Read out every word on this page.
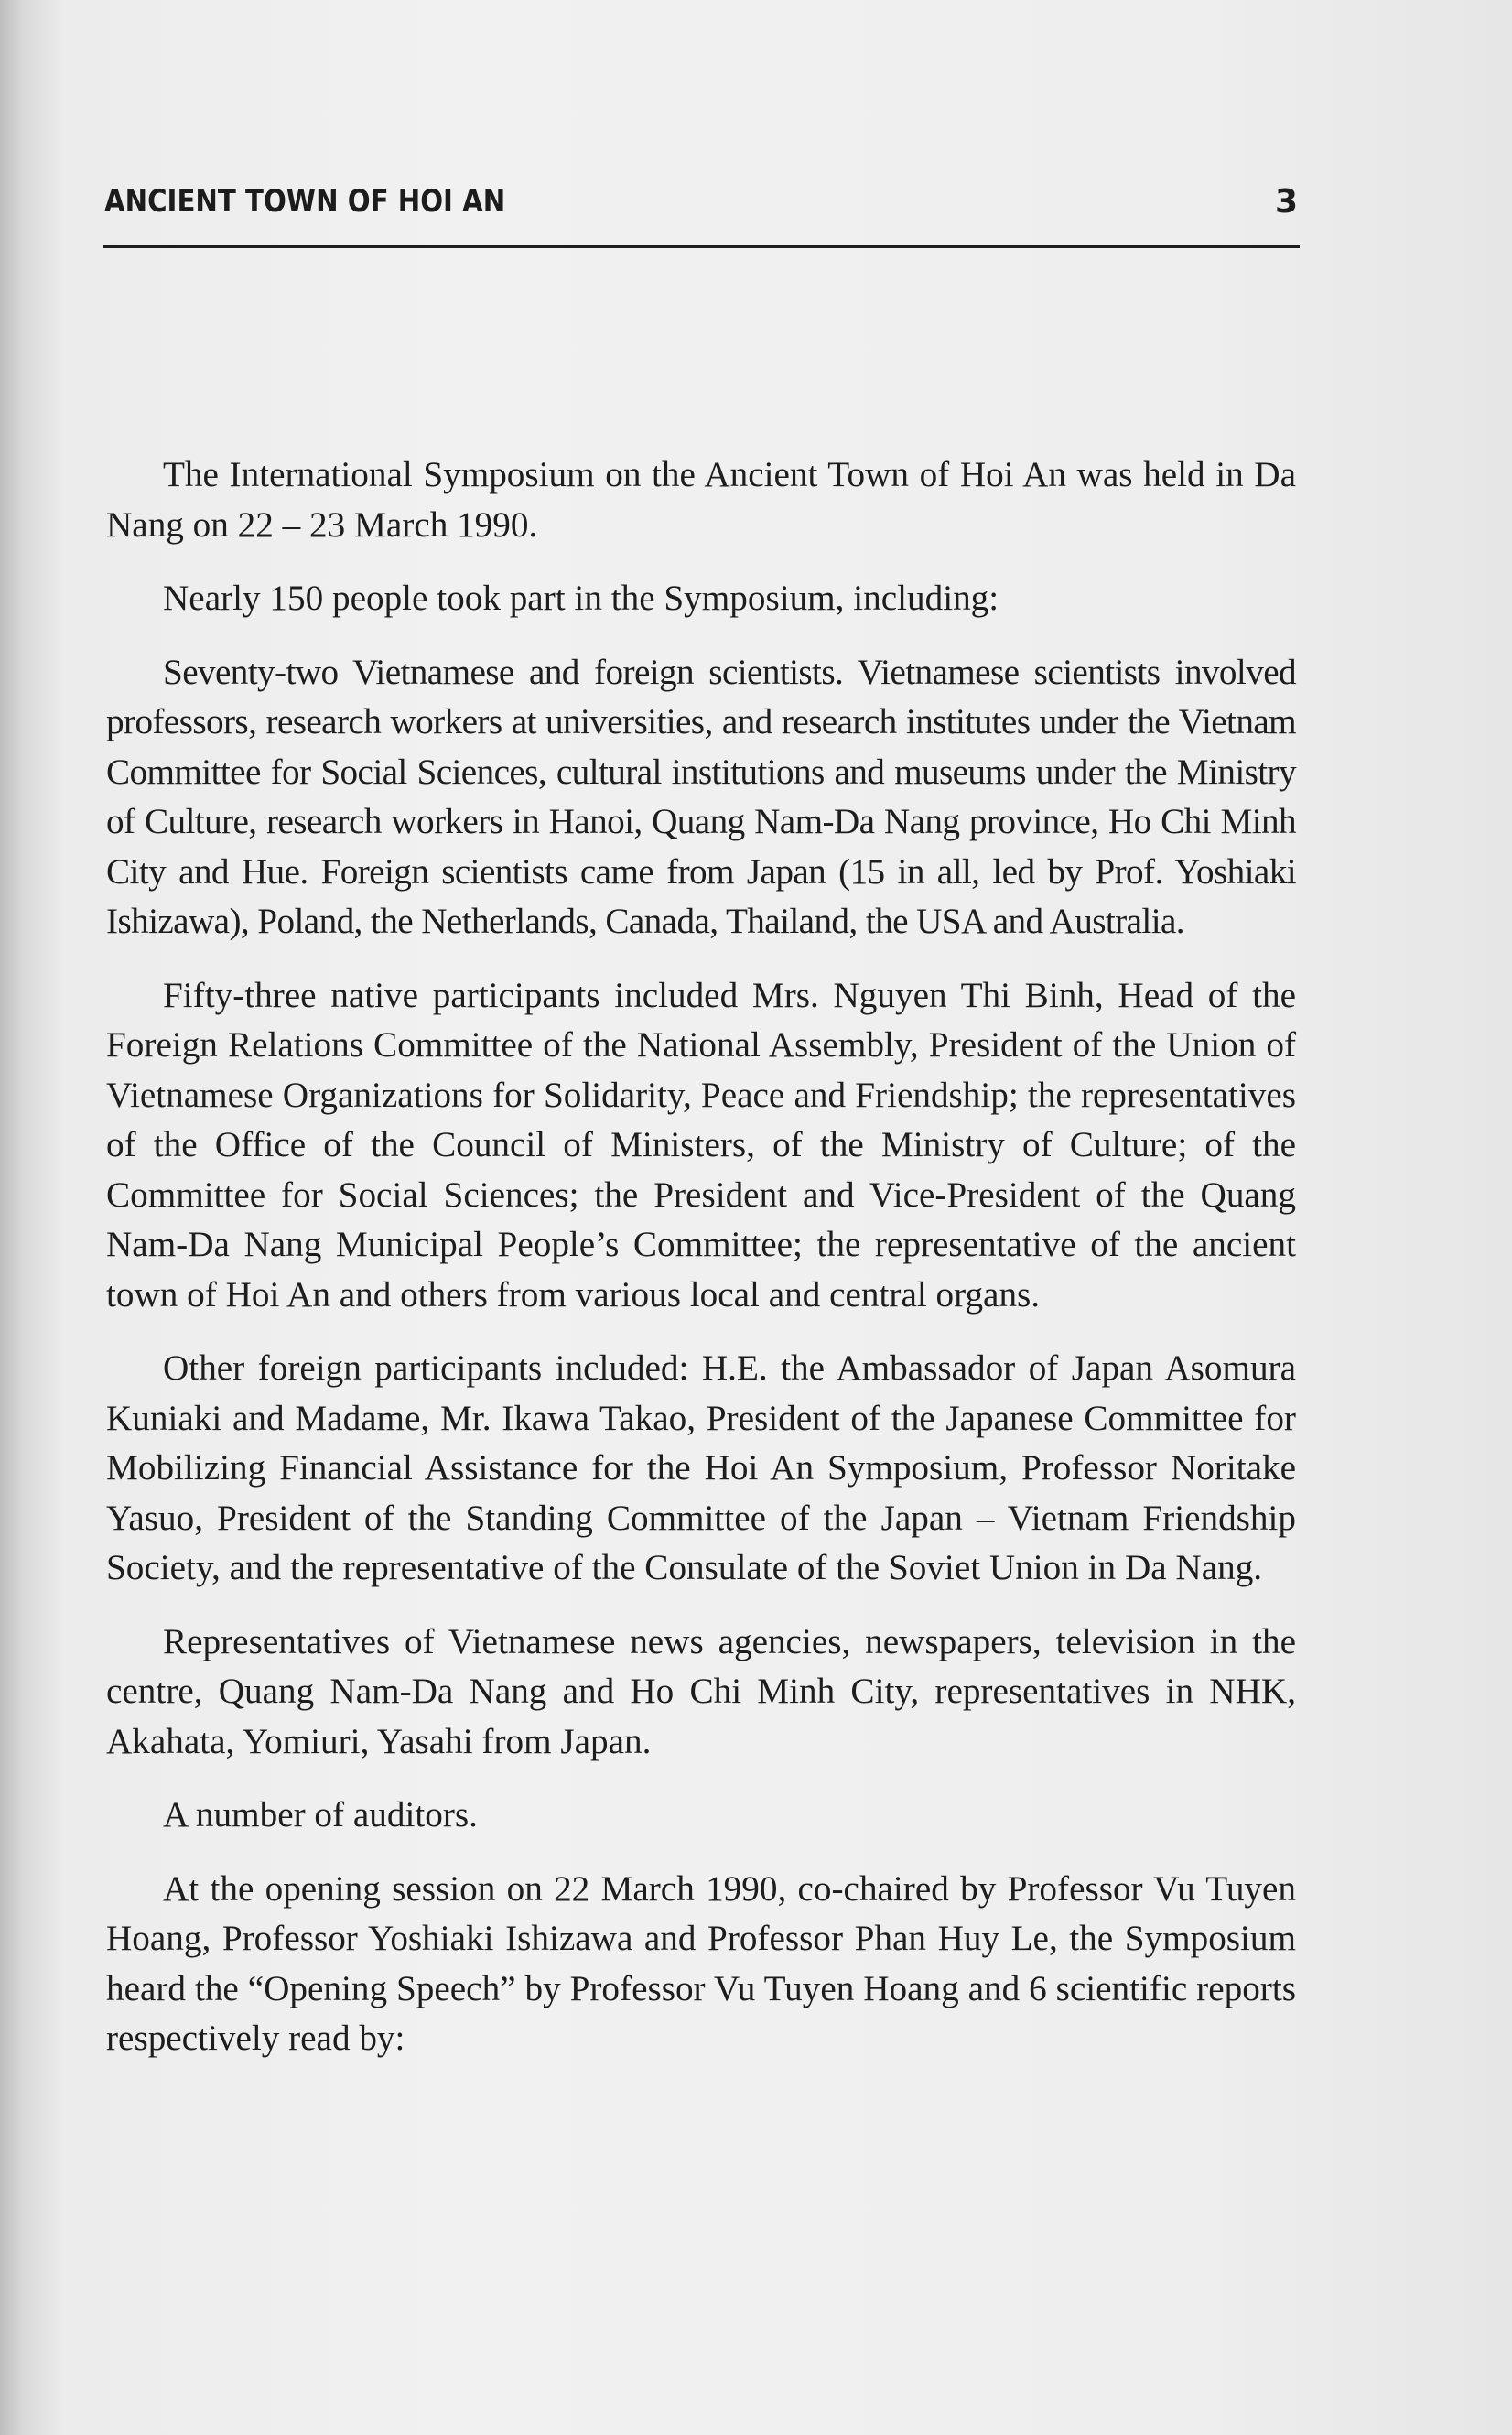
ANCIENT TOWN OF HOI AN	3

The International Symposium on the Ancient Town of Hoi An was held in Da Nang on 22 – 23 March 1990.

Nearly 150 people took part in the Symposium, including:

Seventy-two Vietnamese and foreign scientists. Vietnamese scientists involved professors, research workers at universities, and research institutes under the Vietnam Committee for Social Sciences, cultural institutions and museums under the Ministry of Culture, research workers in Hanoi, Quang Nam-Da Nang province, Ho Chi Minh City and Hue. Foreign scientists came from Japan (15 in all, led by Prof. Yoshiaki Ishizawa), Poland, the Netherlands, Canada, Thailand, the USA and Australia.

Fifty-three native participants included Mrs. Nguyen Thi Binh, Head of the Foreign Relations Committee of the National Assembly, President of the Union of Vietnamese Organizations for Solidarity, Peace and Friendship; the representatives of the Office of the Council of Ministers, of the Ministry of Culture; of the Committee for Social Sciences; the President and Vice-President of the Quang Nam-Da Nang Municipal People’s Committee; the representative of the ancient town of Hoi An and others from various local and central organs.

Other foreign participants included: H.E. the Ambassador of Japan Asomura Kuniaki and Madame, Mr. Ikawa Takao, President of the Japanese Committee for Mobilizing Financial Assistance for the Hoi An Symposium, Professor Noritake Yasuo, President of the Standing Committee of the Japan – Vietnam Friendship Society, and the representative of the Consulate of the Soviet Union in Da Nang.

Representatives of Vietnamese news agencies, newspapers, television in the centre, Quang Nam-Da Nang and Ho Chi Minh City, representatives in NHK, Akahata, Yomiuri, Yasahi from Japan.

A number of auditors.

At the opening session on 22 March 1990, co-chaired by Professor Vu Tuyen Hoang, Professor Yoshiaki Ishizawa and Professor Phan Huy Le, the Symposium heard the “Opening Speech” by Professor Vu Tuyen Hoang and 6 scientific reports respectively read by:
